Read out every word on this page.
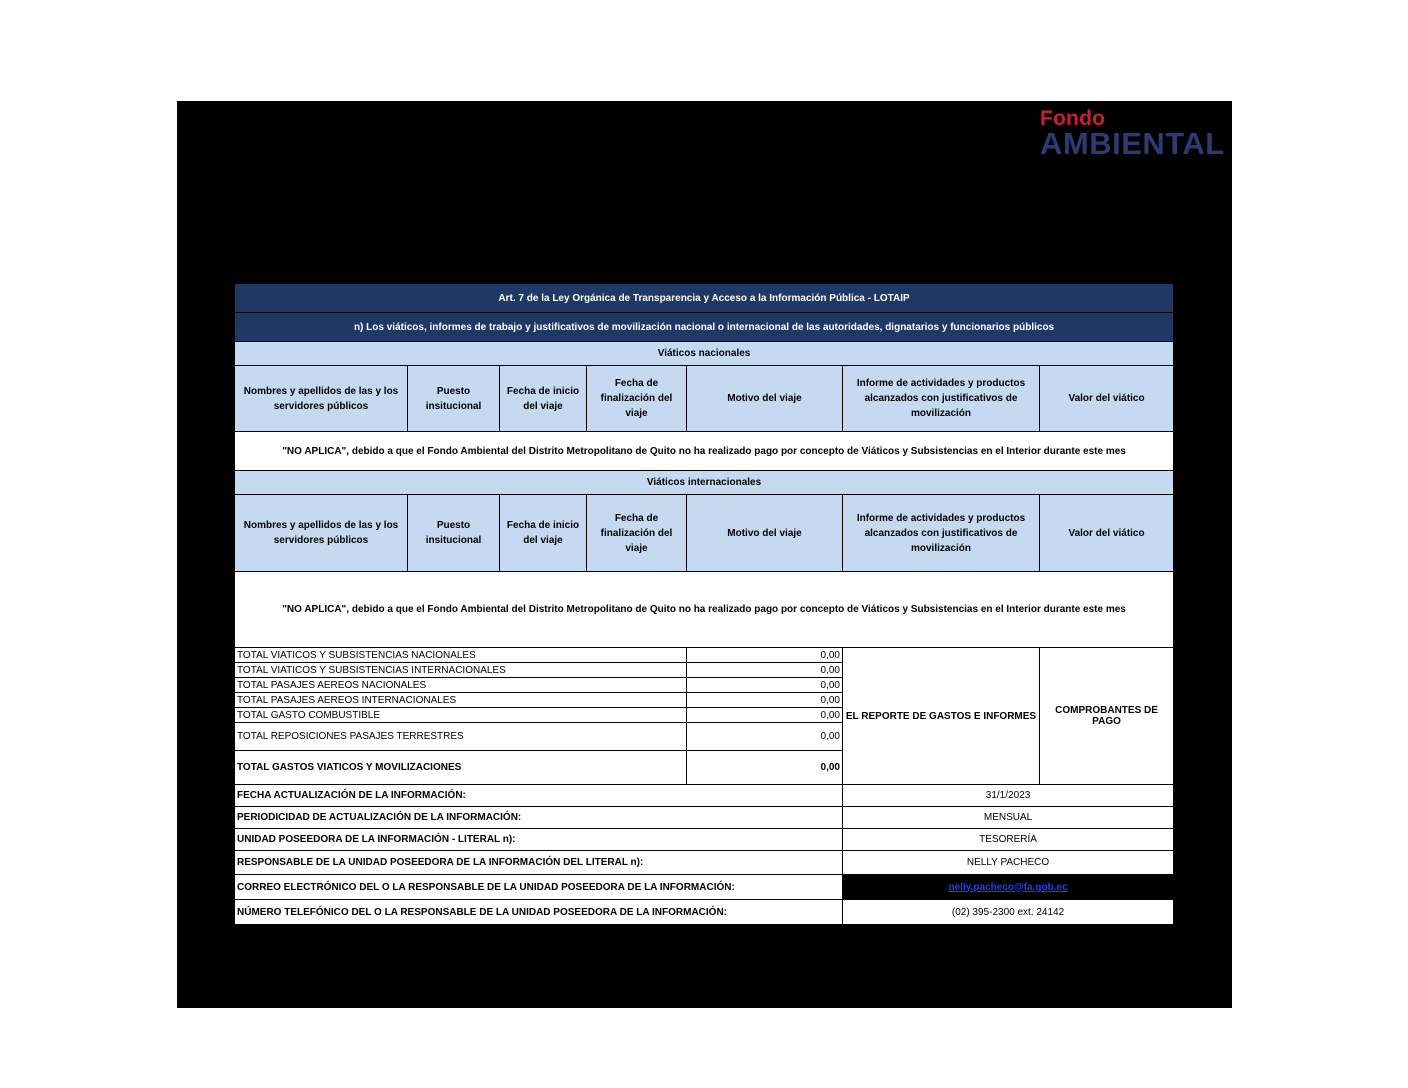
Fondo
AMBIENTAL
Art. 7 de la Ley Orgánica de Transparencia y Acceso a la Información Pública - LOTAIP						
n) Los viáticos, informes de trabajo y justificativos de movilización nacional o internacional de las autoridades, dignatarios y funcionarios públicos						
Viáticos nacionales						
Nombres y apellidos de las y los servidores públicos	Puesto insitucional	Fecha de inicio del viaje	Fecha de finalización del viaje	Motivo del viaje	Informe de actividades y productos alcanzados con justificativos de movilización	Valor del viático
"NO APLICA", debido a que el Fondo Ambiental del Distrito Metropolitano de Quito no ha realizado pago por concepto de Viáticos y Subsistencias en el Interior durante este mes						
Viáticos internacionales						
Nombres y apellidos de las y los servidores públicos	Puesto insitucional	Fecha de inicio del viaje	Fecha de finalización del viaje	Motivo del viaje	Informe de actividades y productos alcanzados con justificativos de movilización	Valor del viático
"NO APLICA", debido a que el Fondo Ambiental del Distrito Metropolitano de Quito no ha realizado pago por concepto de Viáticos y Subsistencias en el Interior durante este mes						
TOTAL VIATICOS Y SUBSISTENCIAS NACIONALES				0,00	EL REPORTE DE GASTOS E INFORMES	COMPROBANTES DE PAGO
TOTAL VIATICOS Y SUBSISTENCIAS INTERNACIONALES				0,00		
TOTAL PASAJES AEREOS NACIONALES				0,00		
TOTAL PASAJES AEREOS INTERNACIONALES				0,00		
TOTAL GASTO COMBUSTIBLE				0,00		
TOTAL REPOSICIONES PASAJES TERRESTRES				0,00		
TOTAL GASTOS VIATICOS Y MOVILIZACIONES				0,00		
FECHA ACTUALIZACIÓN DE LA INFORMACIÓN:					31/1/2023	
PERIODICIDAD DE ACTUALIZACIÓN DE LA INFORMACIÓN:					MENSUAL	
UNIDAD POSEEDORA DE LA INFORMACIÓN - LITERAL n):					TESORERÍA	
RESPONSABLE DE LA UNIDAD POSEEDORA DE LA INFORMACIÓN DEL LITERAL n):					NELLY PACHECO	
CORREO ELECTRÓNICO DEL O LA RESPONSABLE DE LA UNIDAD POSEEDORA DE LA INFORMACIÓN:					nelly.pacheco@fa.gob.ec	
NÚMERO TELEFÓNICO DEL O LA RESPONSABLE DE LA UNIDAD POSEEDORA DE LA INFORMACIÓN:					(02) 395-2300 ext. 24142	
